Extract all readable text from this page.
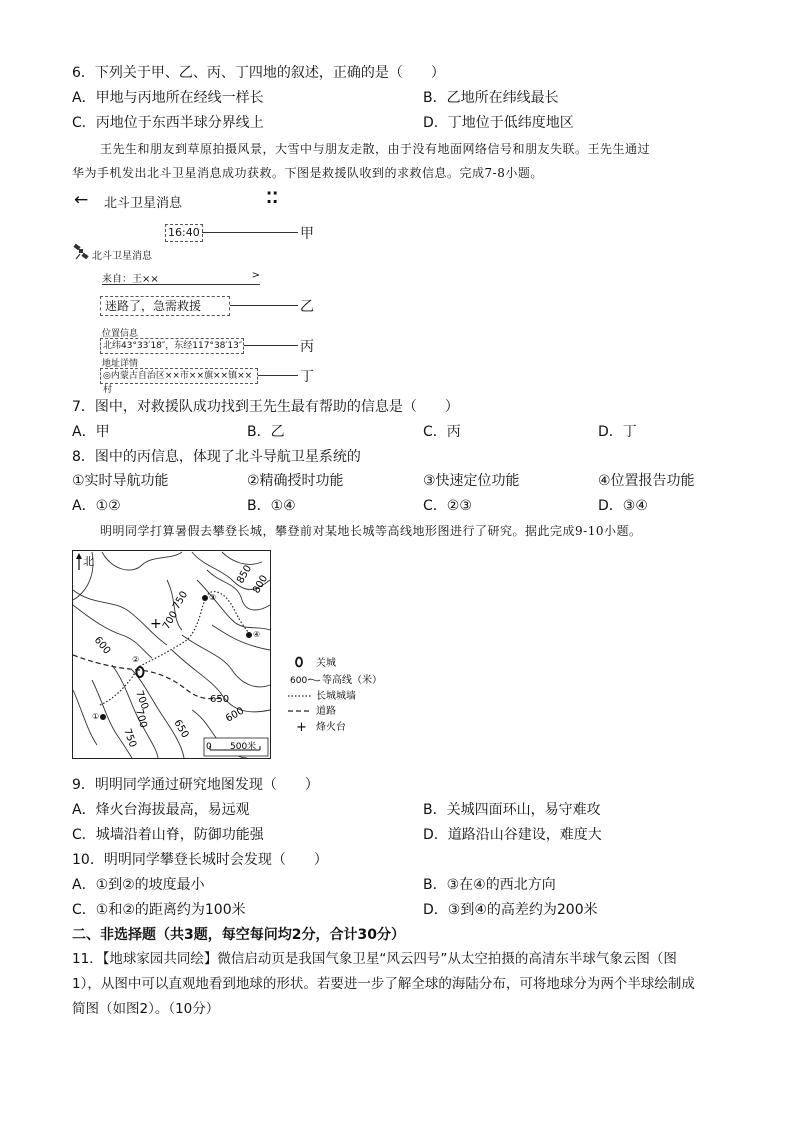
6．下列关于甲、乙、丙、丁四地的叙述，正确的是（　　）
A．甲地与丙地所在经线一样长	B．乙地所在纬线最长
C．丙地位于东西半球分界线上	D．丁地位于低纬度地区
王先生和朋友到草原拍摄风景，大雪中与朋友走散，由于没有地面网络信号和朋友失联。王先生通过
华为手机发出北斗卫星消息成功获救。下图是救援队收到的求救信息。完成7-8小题。
← 北斗卫星消息	⁚⁚
16:40	甲
北斗卫星消息
来自：王××	>
迷路了，急需救援	乙
位置信息
北纬43°33′18″，东经117°38′13″	丙
地址详情
◎内蒙古自治区××市××旗××镇××村
丁
7．图中，对救援队成功找到王先生最有帮助的信息是（　　）
A．甲	B．乙	C．丙	D．丁
8．图中的丙信息，体现了北斗导航卫星系统的
①实时导航功能	②精确授时功能	③快速定位功能	④位置报告功能
A．①②	B．①④	C．②③	D．③④
明明同学打算暑假去攀登长城，攀登前对某地长城等高线地形图进行了研究。据此完成9-10小题。
+
③
④
②
①
850
800
750
700
600
700	650
600
700
750	650
北
0 500米
关城
600 等高线（米）
长城城墙
道路
+ 烽火台
9．明明同学通过研究地图发现（　　）
A．烽火台海拔最高，易远观	B．关城四面环山，易守难攻
C．城墙沿着山脊，防御功能强	D．道路沿山谷建设，难度大
10．明明同学攀登长城时会发现（　　）
A．①到②的坡度最小	B．③在④的西北方向
C．①和②的距离约为100米	D．③到④的高差约为200米
二、非选择题（共3题，每空每问均2分，合计30分）
11．【地球家园共同绘】微信启动页是我国气象卫星“风云四号”从太空拍摄的高清东半球气象云图（图
1），从图中可以直观地看到地球的形状。若要进一步了解全球的海陆分布，可将地球分为两个半球绘制成
简图（如图2）。（10分）
